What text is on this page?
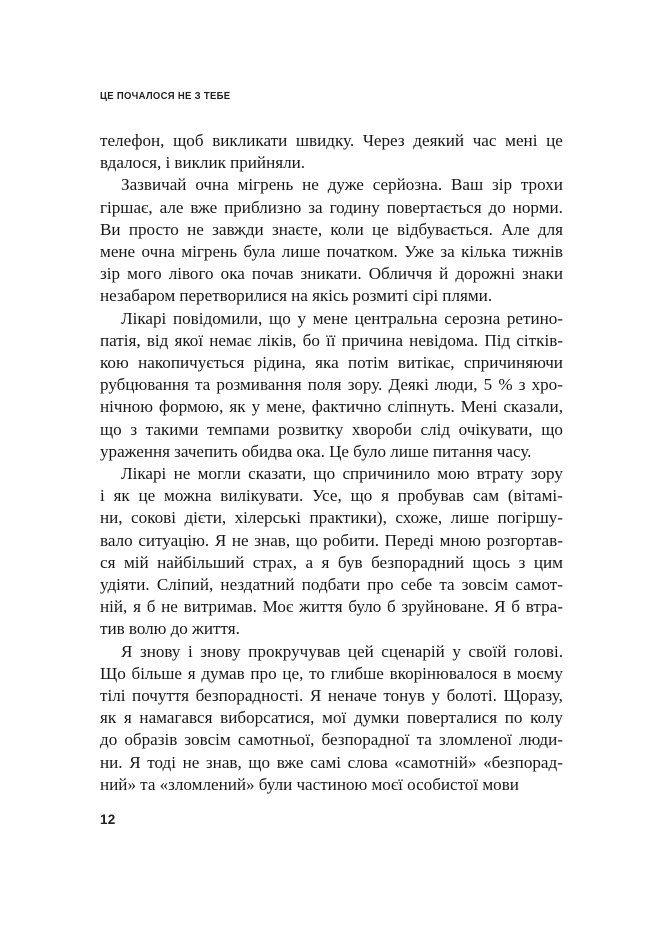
ЦЕ ПОЧАЛОСЯ НЕ З ТЕБЕ

телефон, щоб викликати швидку. Через деякий час мені це
вдалося, і виклик прийняли.

Зазвичай очна мігрень не дуже серйозна. Ваш зір трохи
гіршає, але вже приблизно за годину повертається до норми.
Ви просто не завжди знаєте, коли це відбувається. Але для
мене очна мігрень була лише початком. Уже за кілька тижнів
зір мого лівого ока почав зникати. Обличчя й дорожні знаки
незабаром перетворилися на якісь розмиті сірі плями.

Лікарі повідомили, що у мене центральна серозна ретино-
патія, від якої немає ліків, бо її причина невідома. Під сітків-
кою накопичується рідина, яка потім витікає, спричиняючи
рубцювання та розмивання поля зору. Деякі люди, 5 % з хро-
нічною формою, як у мене, фактично сліпнуть. Мені сказали,
що з такими темпами розвитку хвороби слід очікувати, що
ураження зачепить обидва ока. Це було лише питання часу.

Лікарі не могли сказати, що спричинило мою втрату зору
і як це можна вилікувати. Усе, що я пробував сам (вітамі-
ни, сокові дієти, хілерські практики), схоже, лише погіршу-
вало ситуацію. Я не знав, що робити. Переді мною розгортав-
ся мій найбільший страх, а я був безпорадний щось з цим
удіяти. Сліпий, нездатний подбати про себе та зовсім самот-
ній, я б не витримав. Моє життя було б зруйноване. Я б втра-
тив волю до життя.

Я знову і знову прокручував цей сценарій у своїй голові.
Що більше я думав про це, то глибше вкорінювалося в моєму
тілі почуття безпорадності. Я неначе тонув у болоті. Щоразу,
як я намагався виборсатися, мої думки поверталися по колу
до образів зовсім самотньої, безпорадної та зломленої люди-
ни. Я тоді не знав, що вже самі слова «самотній» «безпорад-
ний» та «зломлений» були частиною моєї особистої мови

12
